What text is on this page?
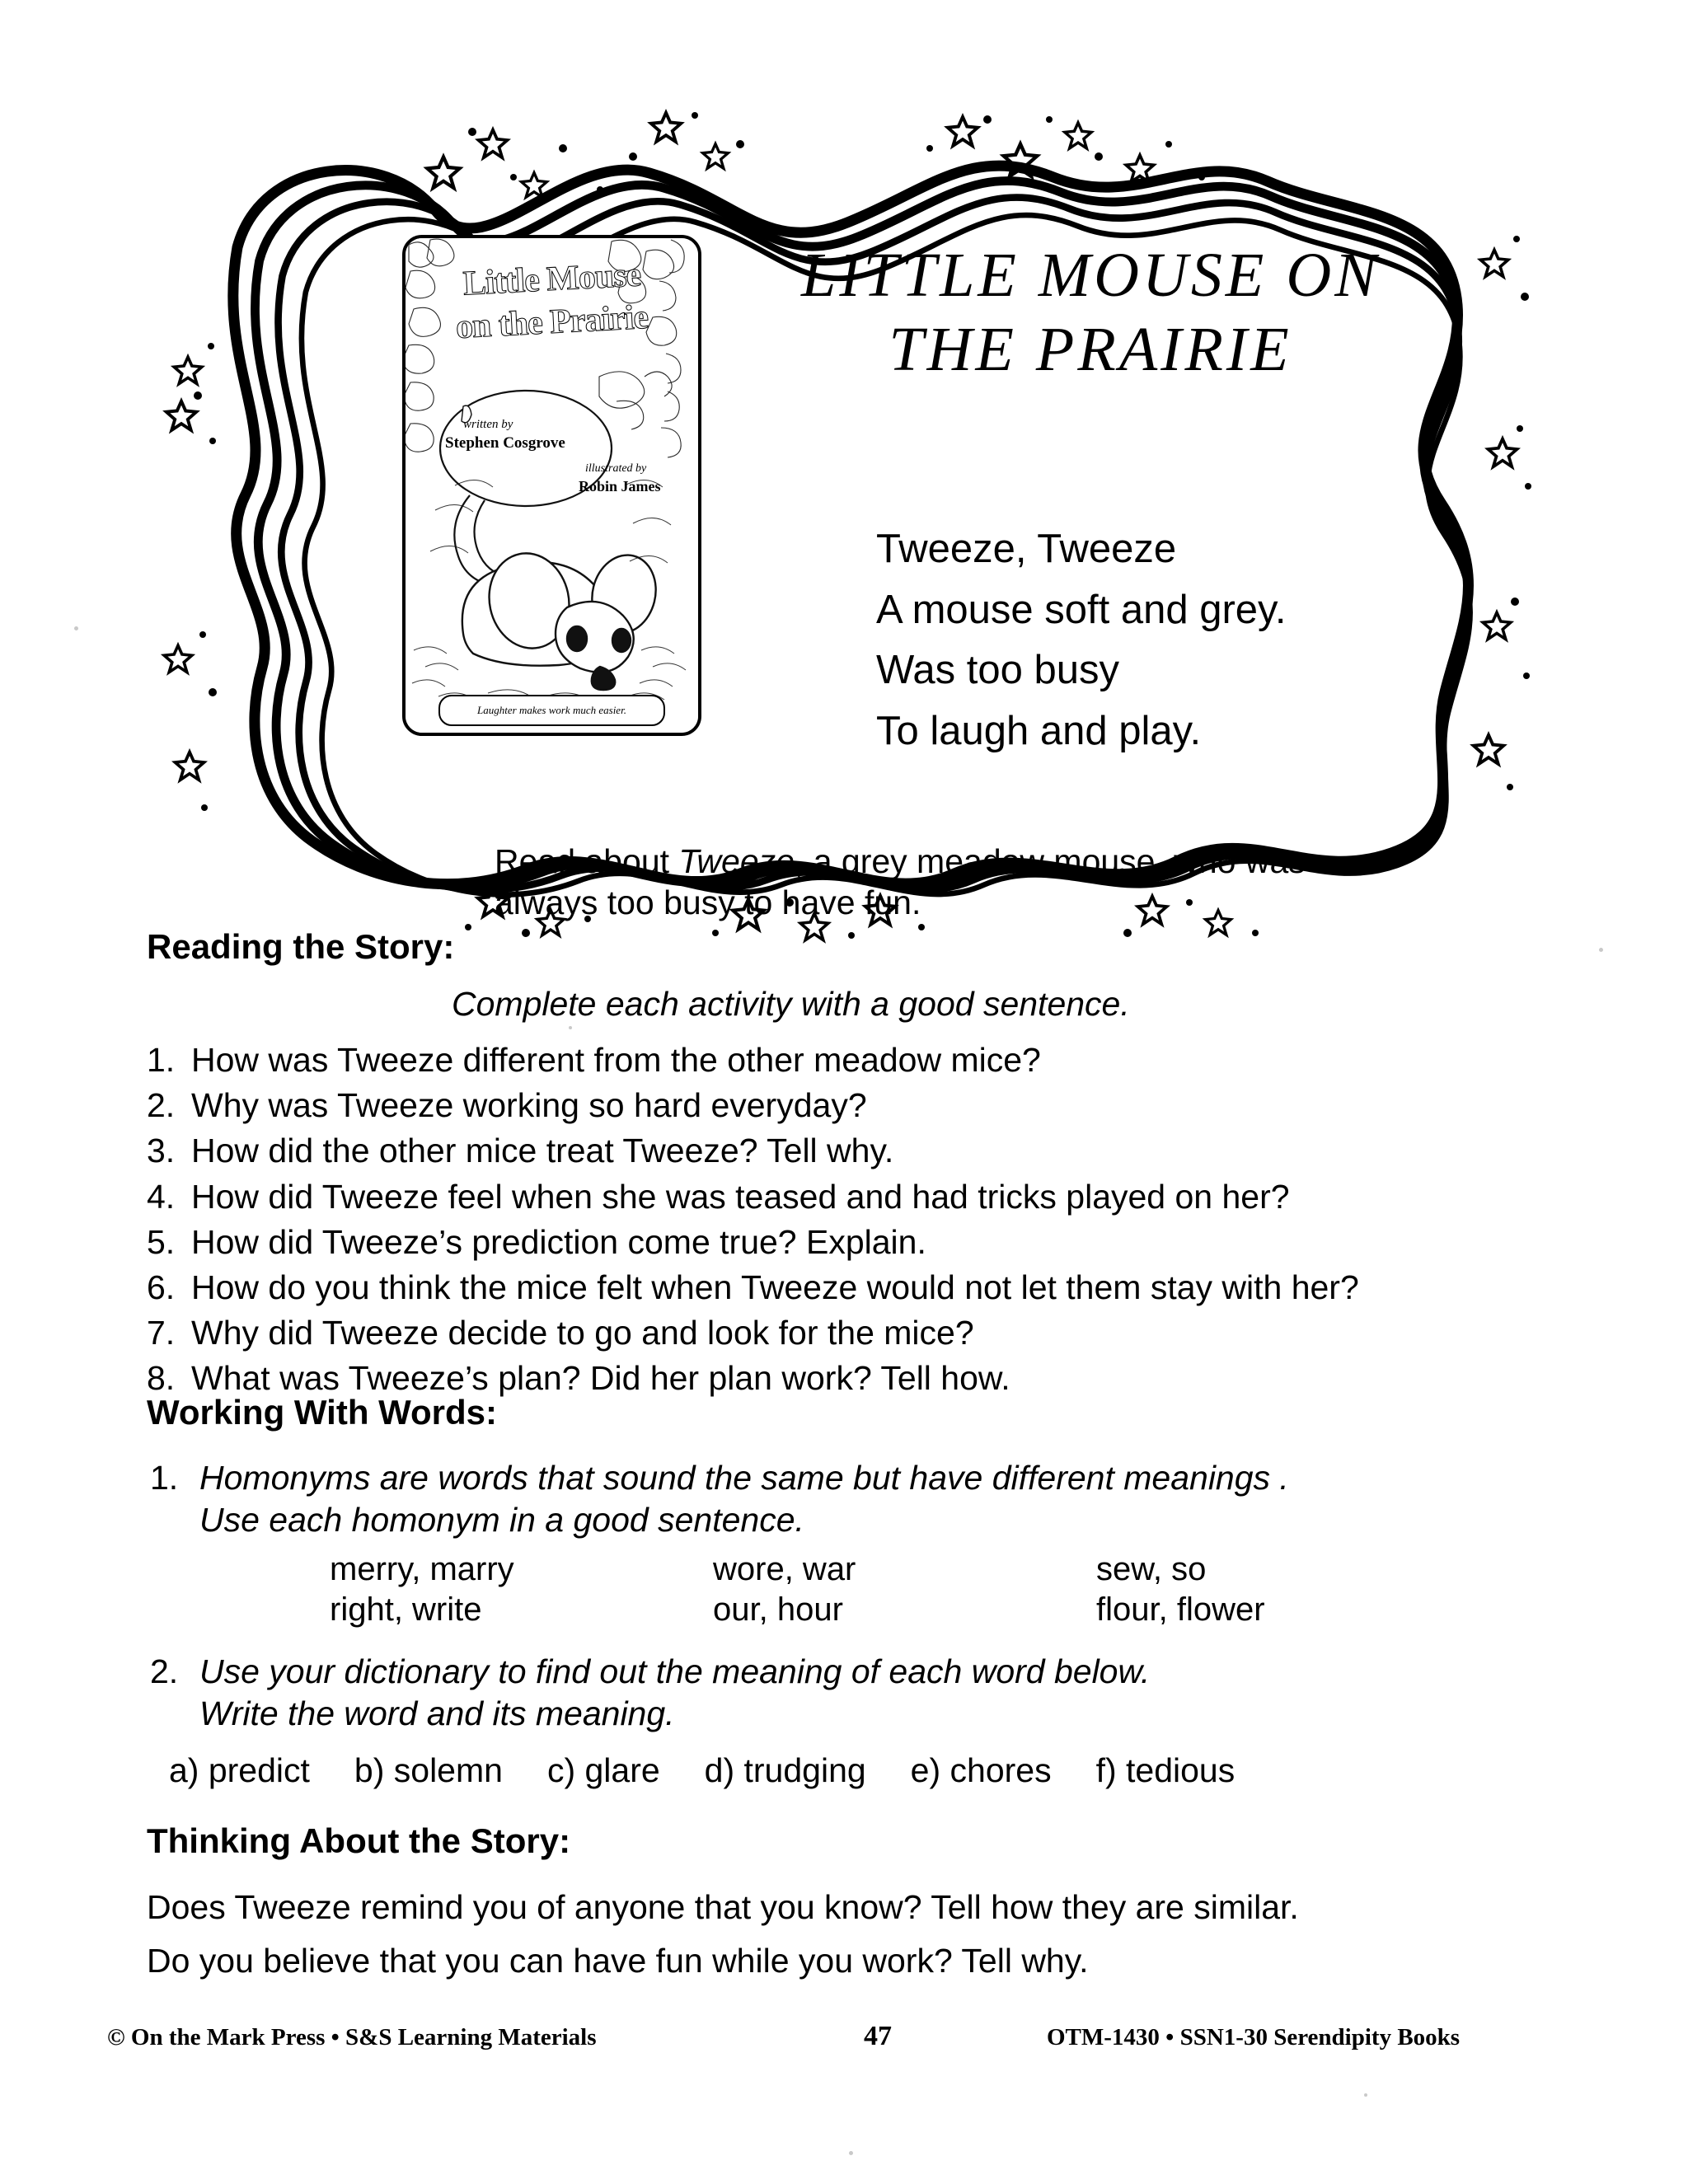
Little Mouse
on the Prairie
written by
Stephen Cosgrove
illustrated by
Robin James
Laughter makes work much easier.
LITTLE MOUSE ON
THE PRAIRIE
Tweeze, Tweeze
A mouse soft and grey.
Was too busy
To laugh and play.
Read about Tweeze, a grey meadow mouse, who was
always too busy to have fun.
Reading the Story:
Complete each activity with a good sentence.
1. How was Tweeze different from the other meadow mice?
2. Why was Tweeze working so hard everyday?
3. How did the other mice treat Tweeze? Tell why.
4. How did Tweeze feel when she was teased and had tricks played on her?
5. How did Tweeze’s prediction come true? Explain.
6. How do you think the mice felt when Tweeze would not let them stay with her?
7. Why did Tweeze decide to go and look for the mice?
8. What was Tweeze’s plan? Did her plan work? Tell how.
Working With Words:
1. Homonyms are words that sound the same but have different meanings .
Use each homonym in a good sentence.
merry, marry	wore, war	sew, so
right, write	our, hour	flour, flower
2. Use your dictionary to find out the meaning of each word below.
Write the word and its meaning.
a) predict b) solemn c) glare d) trudging e) chores f) tedious
Thinking About the Story:
Does Tweeze remind you of anyone that you know? Tell how they are similar.
Do you believe that you can have fun while you work? Tell why.
© On the Mark Press • S&S Learning Materials	47	OTM-1430 • SSN1-30 Serendipity Books
